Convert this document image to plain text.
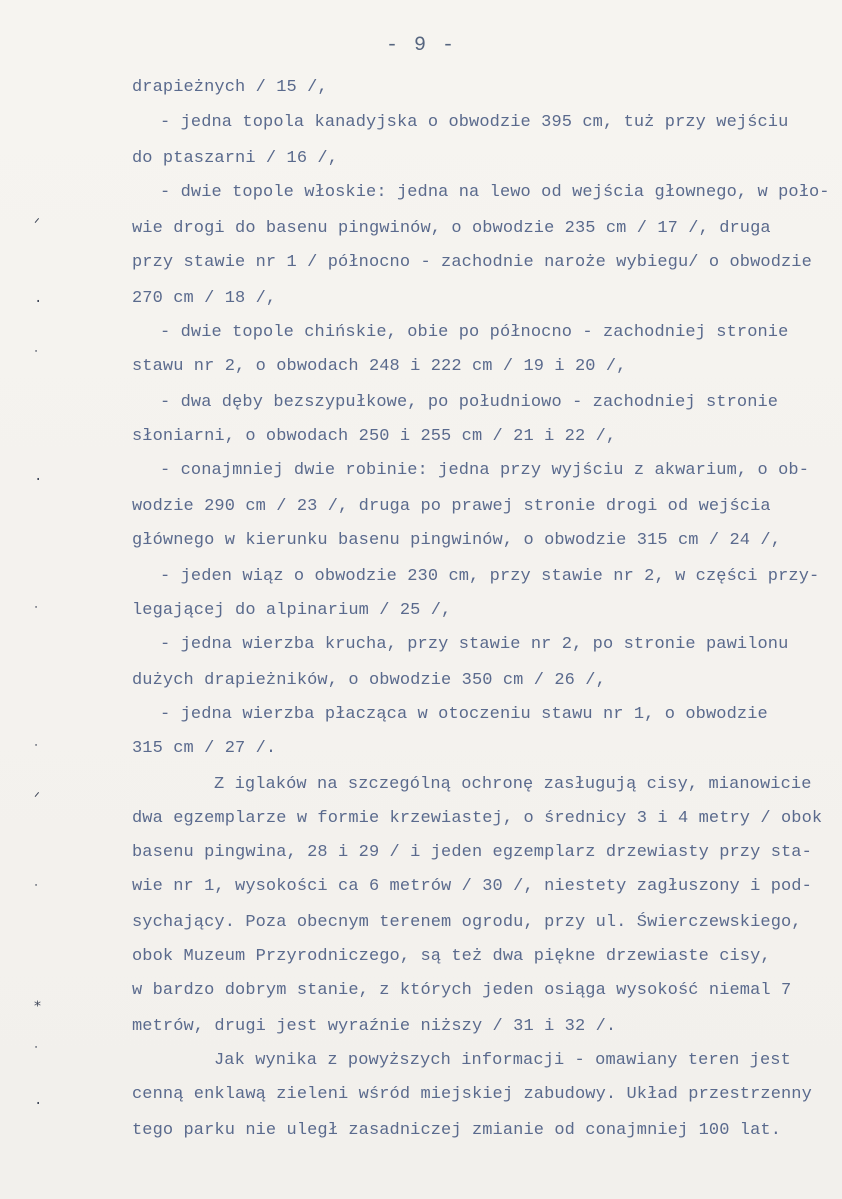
- 9 -
drapieżnych / 15 /,
- jedna topola kanadyjska o obwodzie 395 cm, tuż przy wejściu
do ptaszarni / 16 /,
- dwie topole włoskie: jedna na lewo od wejścia głownego, w poło-
wie drogi do basenu pingwinów, o obwodzie 235 cm / 17 /, druga
przy stawie nr 1 / północno - zachodnie naroże wybiegu/ o obwodzie
270 cm / 18 /,
- dwie topole chińskie, obie po północno - zachodniej stronie
stawu nr 2, o obwodach 248 i 222 cm / 19 i 20 /,
- dwa dęby bezszypułkowe, po południowo - zachodniej stronie
słoniarni, o obwodach 250 i 255 cm / 21 i 22 /,
- conajmniej dwie robinie: jedna przy wyjściu z akwarium, o ob-
wodzie 290 cm / 23 /, druga po prawej stronie drogi od wejścia
głównego w kierunku basenu pingwinów, o obwodzie 315 cm / 24 /,
- jeden wiąz o obwodzie 230 cm, przy stawie nr 2, w części przy-
legającej do alpinarium / 25 /,
- jedna wierzba krucha, przy stawie nr 2, po stronie pawilonu
dużych drapieżników, o obwodzie 350 cm / 26 /,
- jedna wierzba płacząca w otoczeniu stawu nr 1, o obwodzie
315 cm / 27 /.
Z iglaków na szczególną ochronę zasługują cisy, mianowicie
dwa egzemplarze w formie krzewiastej, o średnicy 3 i 4 metry / obok
basenu pingwina, 28 i 29 / i jeden egzemplarz drzewiasty przy sta-
wie nr 1, wysokości ca 6 metrów / 30 /, niestety zagłuszony i pod-
sychający. Poza obecnym terenem ogrodu, przy ul. Świerczewskiego,
obok Muzeum Przyrodniczego, są też dwa piękne drzewiaste cisy,
w bardzo dobrym stanie, z których jeden osiąga wysokość niemal 7
metrów, drugi jest wyraźnie niższy / 31 i 32 /.
Jak wynika z powyższych informacji - omawiany teren jest
cenną enklawą zieleni wśród miejskiej zabudowy. Układ przestrzenny
tego parku nie uległ zasadniczej zmianie od conajmniej 100 lat.
ᐟ
.
ᐧ
.
ᐧ
ᐧ
ᐟ
ᐧ
⁎
ᐧ
.
